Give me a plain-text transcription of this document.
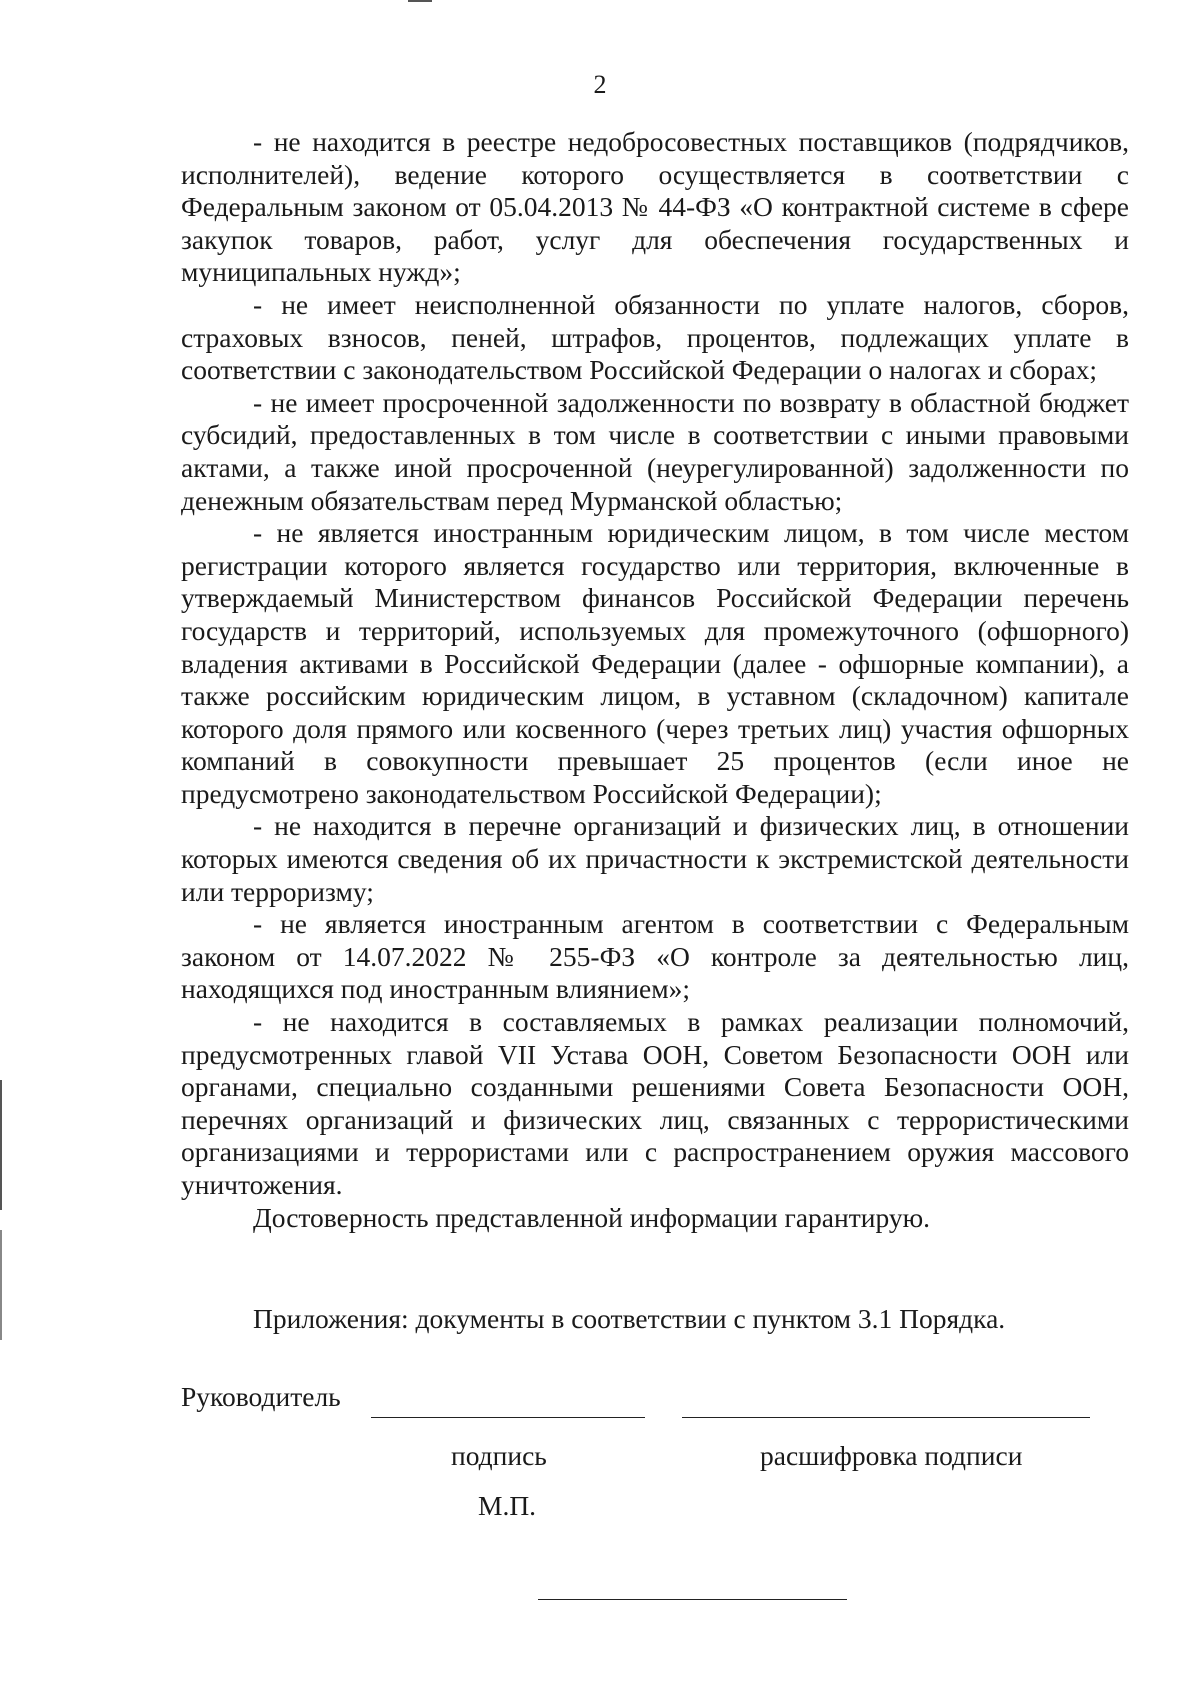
2

- не находится в реестре недобросовестных поставщиков (подрядчиков, исполнителей), ведение которого осуществляется в соответствии с Федеральным законом от 05.04.2013 № 44-ФЗ «О контрактной системе в сфере закупок товаров, работ, услуг для обеспечения государственных и муниципальных нужд»;

- не имеет неисполненной обязанности по уплате налогов, сборов, страховых взносов, пеней, штрафов, процентов, подлежащих уплате в соответствии с законодательством Российской Федерации о налогах и сборах;

- не имеет просроченной задолженности по возврату в областной бюджет субсидий, предоставленных в том числе в соответствии с иными правовыми актами, а также иной просроченной (неурегулированной) задолженности по денежным обязательствам перед Мурманской областью;

- не является иностранным юридическим лицом, в том числе местом регистрации которого является государство или территория, включенные в утверждаемый Министерством финансов Российской Федерации перечень государств и территорий, используемых для промежуточного (офшорного) владения активами в Российской Федерации (далее - офшорные компании), а также российским юридическим лицом, в уставном (складочном) капитале которого доля прямого или косвенного (через третьих лиц) участия офшорных компаний в совокупности превышает 25 процентов (если иное не предусмотрено законодательством Российской Федерации);

- не находится в перечне организаций и физических лиц, в отношении которых имеются сведения об их причастности к экстремистской деятельности или терроризму;

- не является иностранным агентом в соответствии с Федеральным законом от 14.07.2022 № 255-ФЗ «О контроле за деятельностью лиц, находящихся под иностранным влиянием»;

- не находится в составляемых в рамках реализации полномочий, предусмотренных главой VII Устава ООН, Советом Безопасности ООН или органами, специально созданными решениями Совета Безопасности ООН, перечнях организаций и физических лиц, связанных с террористическими организациями и террористами или с распространением оружия массового уничтожения.

Достоверность представленной информации гарантирую.

Приложения: документы в соответствии с пунктом 3.1 Порядка.
Руководитель
подпись	расшифровка подписи
М.П.
